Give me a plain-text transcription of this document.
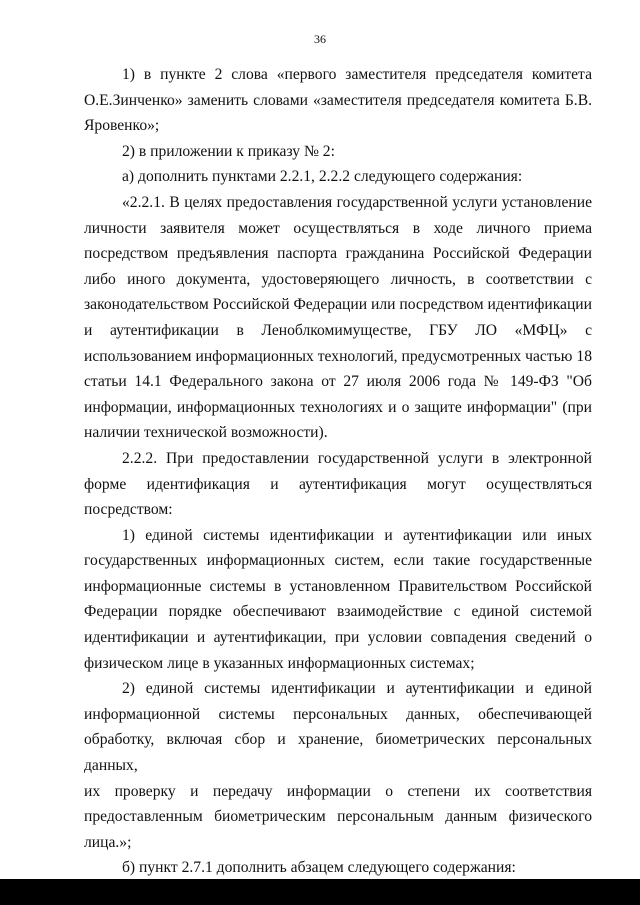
36
1) в пункте 2 слова «первого заместителя председателя комитета
О.Е.Зинченко» заменить словами «заместителя председателя комитета Б.В.
Яровенко»;
2) в приложении к приказу № 2:
а) дополнить пунктами 2.2.1, 2.2.2 следующего содержания:
«2.2.1. В целях предоставления государственной услуги установление
личности заявителя может осуществляться в ходе личного приема
посредством предъявления паспорта гражданина Российской Федерации
либо иного документа, удостоверяющего личность, в соответствии с
законодательством Российской Федерации или посредством идентификации
и аутентификации в Леноблкомимуществе, ГБУ ЛО «МФЦ» с
использованием информационных технологий, предусмотренных частью 18
статьи 14.1 Федерального закона от 27 июля 2006 года № 149-ФЗ "Об
информации, информационных технологиях и о защите информации" (при
наличии технической возможности).
2.2.2. При предоставлении государственной услуги в электронной
форме идентификация и аутентификация могут осуществляться посредством:
1) единой системы идентификации и аутентификации или иных
государственных информационных систем, если такие государственные
информационные системы в установленном Правительством Российской
Федерации порядке обеспечивают взаимодействие с единой системой
идентификации и аутентификации, при условии совпадения сведений о
физическом лице в указанных информационных системах;
2) единой системы идентификации и аутентификации и единой
информационной системы персональных данных, обеспечивающей
обработку, включая сбор и хранение, биометрических персональных данных,
их проверку и передачу информации о степени их соответствия
предоставленным биометрическим персональным данным физического
лица.»;
б) пункт 2.7.1 дополнить абзацем следующего содержания:
